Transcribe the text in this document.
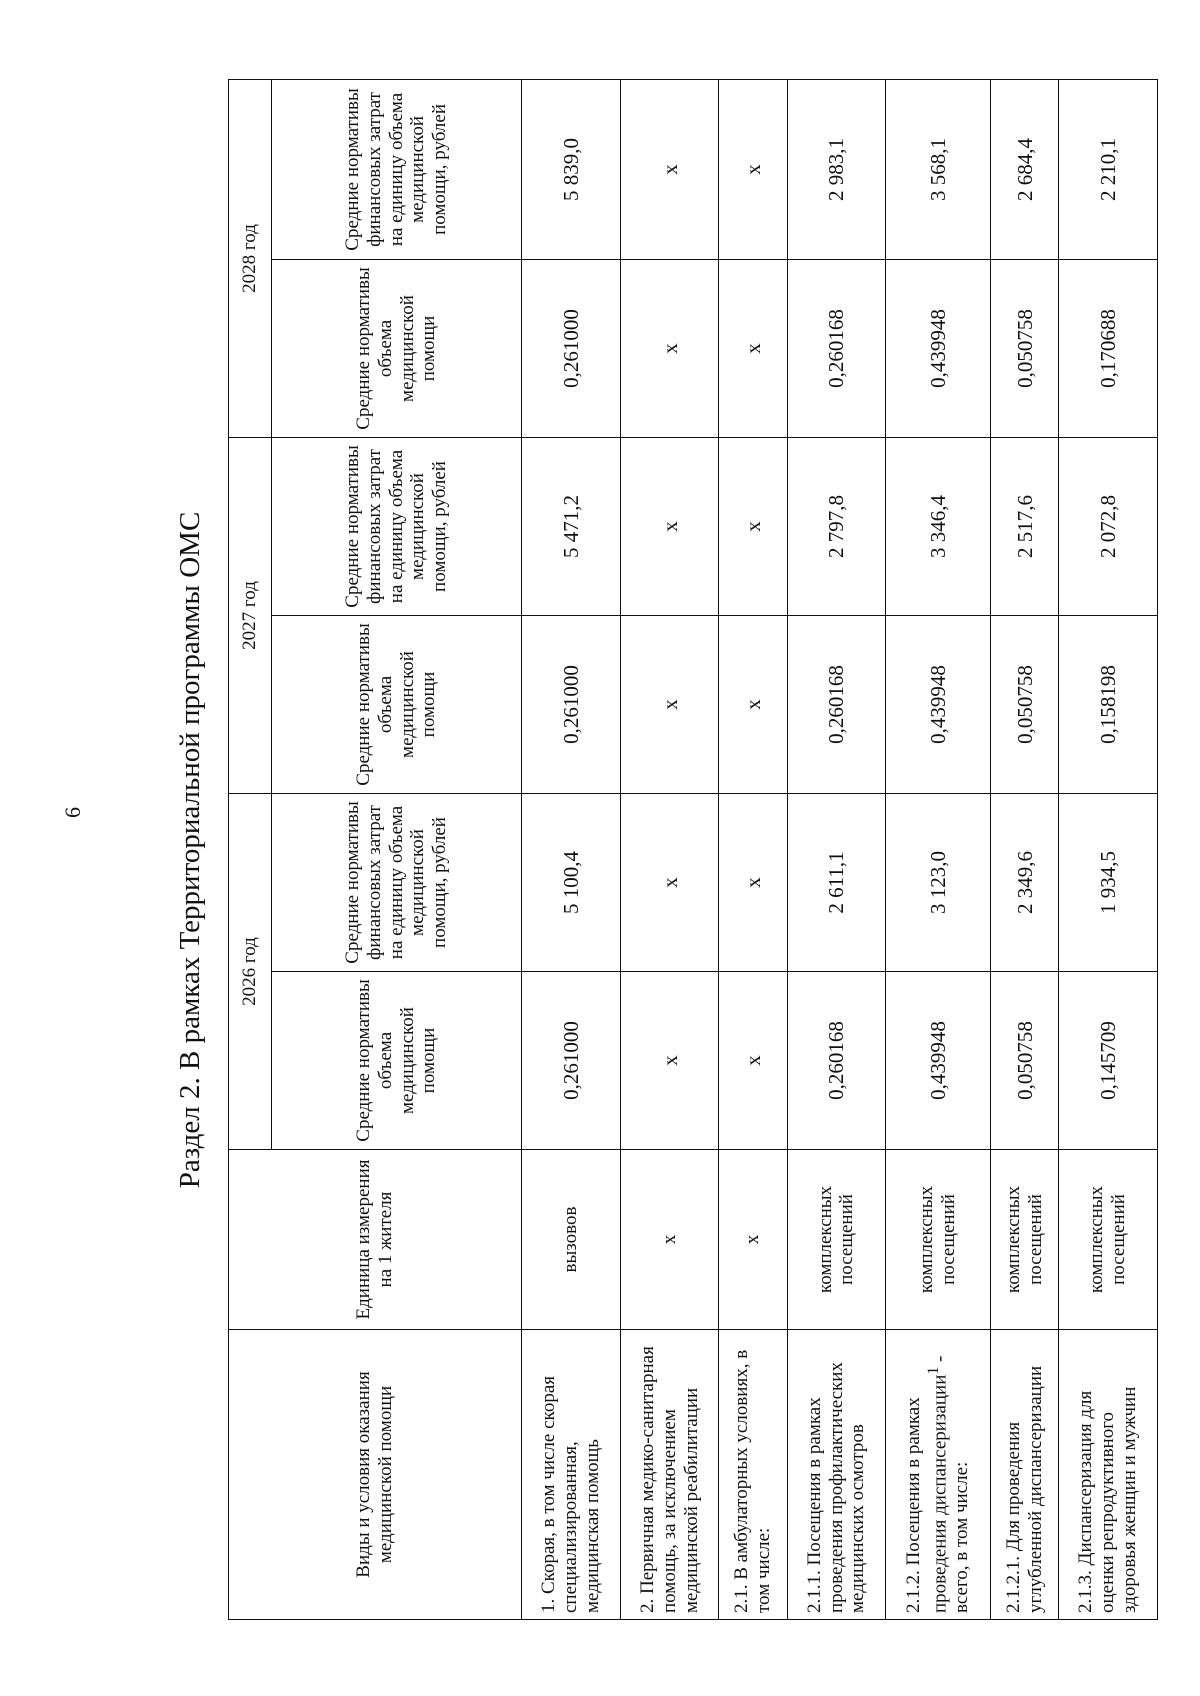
6	Раздел 2. В рамках Территориальной программы ОМС
Виды и условия оказания медицинской помощи	Единица измерения на 1 жителя	2026 год		2027 год		2028 год	
		Средние нормативы объема медицинской помощи	Средние нормативы финансовых затрат на единицу объема медицинской помощи, рублей	Средние нормативы объема медицинской помощи	Средние нормативы финансовых затрат на единицу объема медицинской помощи, рублей	Средние нормативы объема медицинской помощи	Средние нормативы финансовых затрат на единицу объема медицинской помощи, рублей
1. Скорая, в том числе скорая специализированная, медицинская помощь	вызовов	0,261000	5 100,4	0,261000	5 471,2	0,261000	5 839,0
2. Первичная медико-санитарная помощь, за исключением медицинской реабилитации	х	х	х	х	х	х	х
2.1. В амбулаторных условиях, в том числе:	х	х	х	х	х	х	х
2.1.1. Посещения в рамках проведения профилактических медицинских осмотров	комплексных посещений	0,260168	2 611,1	0,260168	2 797,8	0,260168	2 983,1
2.1.2. Посещения в рамках проведения диспансеризации$^1$ - всего, в том числе:	комплексных посещений	0,439948	3 123,0	0,439948	3 346,4	0,439948	3 568,1
2.1.2.1. Для проведения углубленной диспансеризации	комплексных посещений	0,050758	2 349,6	0,050758	2 517,6	0,050758	2 684,4
2.1.3. Диспансеризация для оценки репродуктивного здоровья женщин и мужчин	комплексных посещений	0,145709	1 934,5	0,158198	2 072,8	0,170688	2 210,1
